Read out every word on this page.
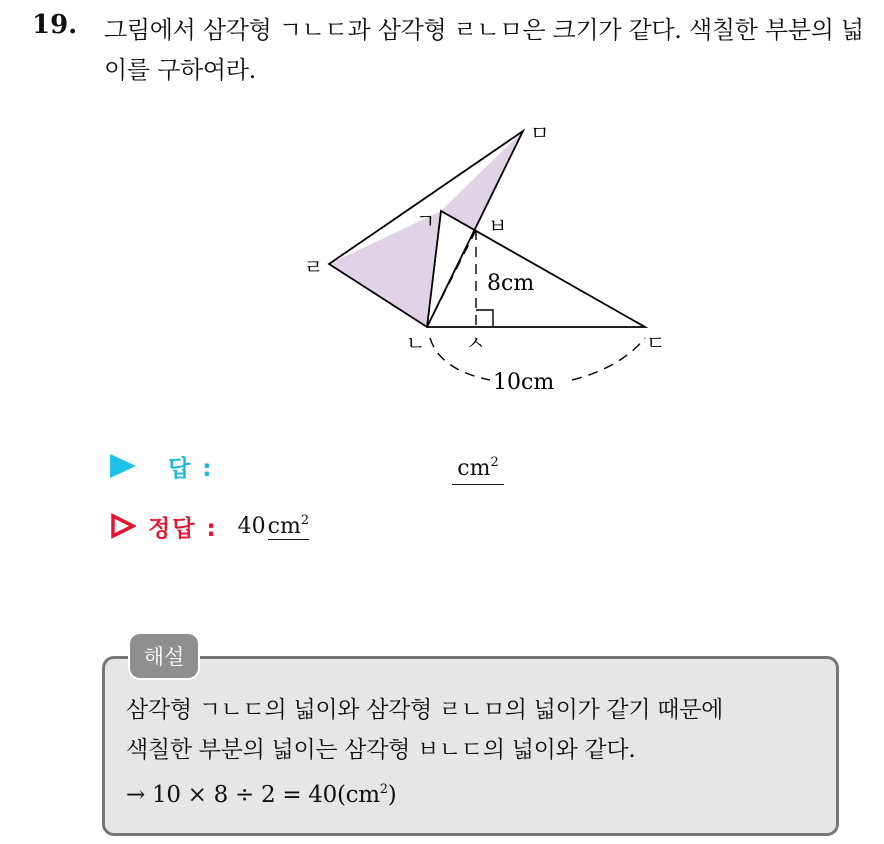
19. 그림에서 삼각형 ㄱㄴㄷ과 삼각형 ㄹㄴㅁ은 크기가 같다. 색칠한 부분의 넓이를 구하여라.
ㅁ
ㄱ	ㅂ
ㄹ
ㄴ ㅅ	ㄷ
8cm
10cm
답 :	$cm^2$
정답 : 40 $cm^2$
해설
삼각형 ㄱㄴㄷ의 넓이와 삼각형 ㄹㄴㅁ의 넓이가 같기 때문에
색칠한 부분의 넓이는 삼각형 ㅂㄴㄷ의 넓이와 같다.
→ $10 \times 8 \div 2 = 40(cm^2)$
